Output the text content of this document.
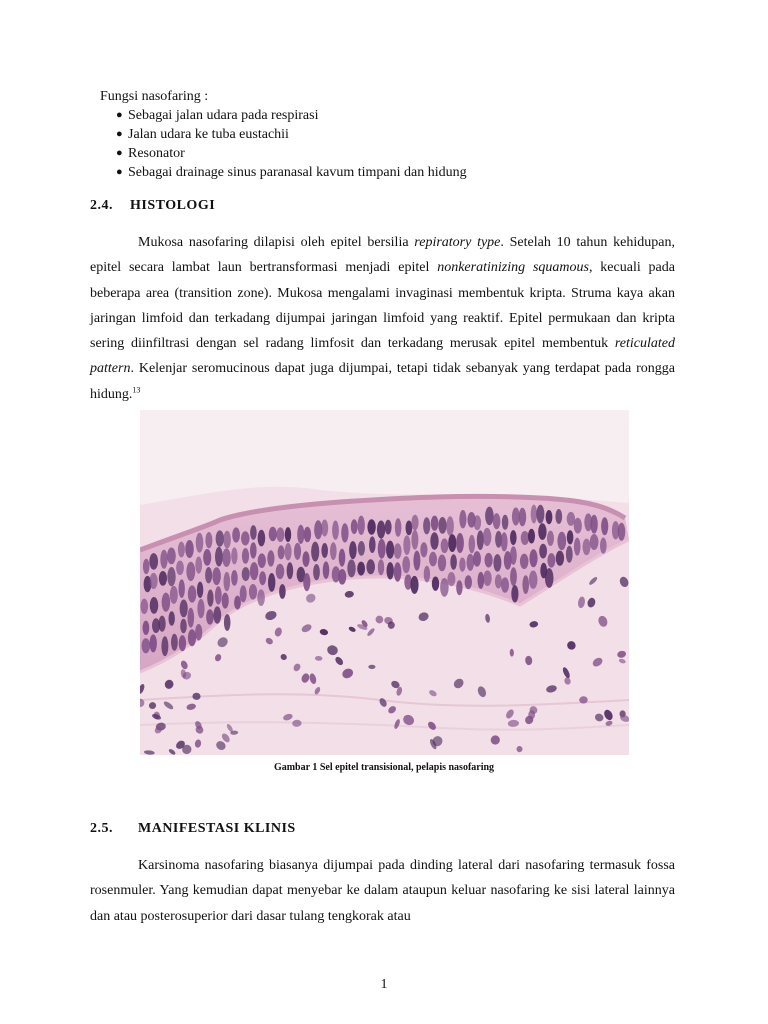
Fungsi nasofaring :
● Sebagai jalan udara pada respirasi
● Jalan udara ke tuba eustachii
● Resonator
● Sebagai drainage sinus paranasal kavum timpani dan hidung
2.4. HISTOLOGI

Mukosa nasofaring dilapisi oleh epitel bersilia repiratory type. Setelah 10 tahun kehidupan, epitel secara lambat laun bertransformasi menjadi epitel nonkeratinizing squamous, kecuali pada beberapa area (transition zone). Mukosa mengalami invaginasi membentuk kripta. Struma kaya akan jaringan limfoid dan terkadang dijumpai jaringan limfoid yang reaktif. Epitel permukaan dan kripta sering diinfiltrasi dengan sel radang limfosit dan terkadang merusak epitel membentuk reticulated pattern. Kelenjar seromucinous dapat juga dijumpai, tetapi tidak sebanyak yang terdapat pada rongga hidung.$^{13}$

Gambar 1 Sel epitel transisional, pelapis nasofaring
2.5. MANIFESTASI KLINIS

Karsinoma nasofaring biasanya dijumpai pada dinding lateral dari nasofaring termasuk fossa rosenmuler. Yang kemudian dapat menyebar ke dalam ataupun keluar nasofaring ke sisi lateral lainnya dan atau posterosuperior dari dasar tulang tengkorak atau

1
